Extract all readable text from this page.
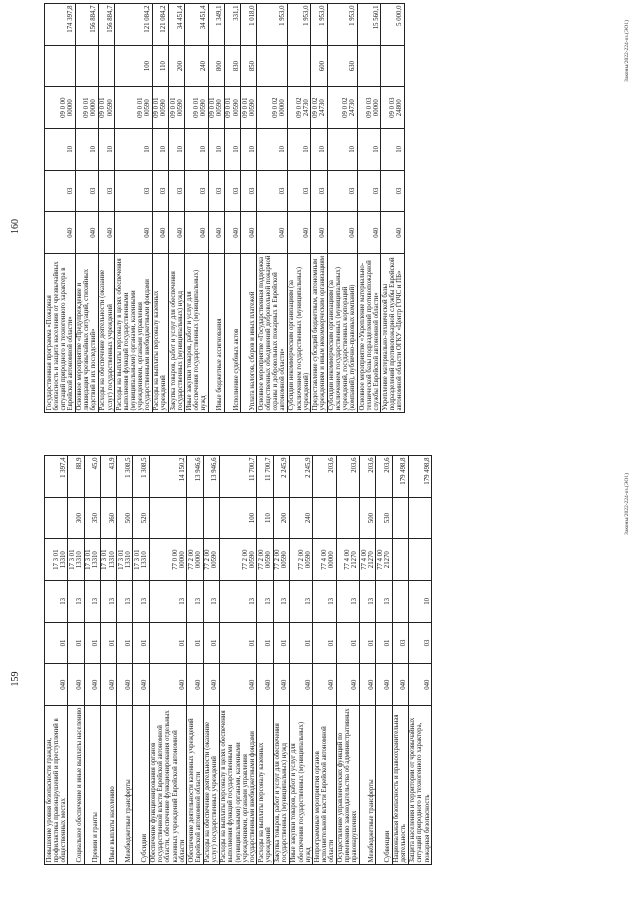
159
Повышение уровня безопасности граждан, профилактика правонарушений и преступлений в общественных местах	040	01	13	17 3 01 13310		1 397,4
Социальное обеспечение и иные выплаты населению	040	01	13	17 3 01 13310	300	88,9
Премии и гранты	040	01	13	17 3 01 13310	350	45,0
Иные выплаты населению	040	01	13	17 3 01 13310	360	43,9
Межбюджетные трансферты	040	01	13	17 3 01 13310	500	1 308,5
Субсидии	040	01	13	17 3 01 13310	520	1 308,5
Обеспечение функционирования органов государственной власти Еврейской автономной области, обеспечение функционирования отдельных казенных учреждений Еврейской автономной области	040	01	13	77 0 00 00000		14 150,2
Обеспечение деятельности казенных учреждений Еврейской автономной области	040	01	13	77 2 00 00000		13 946,6
Расходы на обеспечение деятельности (оказание услуг) государственных учреждений	040	01	13	77 2 00 00590		13 946,6
Расходы на выплаты персоналу в целях обеспечения выполнения функций государственными (муниципальными) органами, казенными учреждениями, органами управления государственными внебюджетными фондами	040	01	13	77 2 00 00590	100	11 700,7
Расходы на выплаты персоналу казенных учреждений	040	01	13	77 2 00 00590	110	11 700,7
Закупка товаров, работ и услуг для обеспечения государственных (муниципальных) нужд	040	01	13	77 2 00 00590	200	2 245,9
Иные закупки товаров, работ и услуг для обеспечения государственных (муниципальных) нужд	040	01	13	77 2 00 00590	240	2 245,9
Непрограммные мероприятия органов исполнительной власти Еврейской автономной области	040	01	13	77 4 00 00000		203,6
Осуществление управленческих функций по применению законодательства об административных правонарушениях	040	01	13	77 4 00 21270		203,6
Межбюджетные трансферты	040	01	13	77 4 00 21270	500	203,6
Субвенции	040	01	13	77 4 00 21270	530	203,6
Национальная безопасность и правоохранительная деятельность	040	03				179 498,8
Защита населения и территории от чрезвычайных ситуаций природного и техногенного характера, пожарная безопасность	040	03	10			179 498,8
Законы/2022-224-оз.(ЭО1)
160
Государственная программа «Пожарная безопасность и защита населения от чрезвычайных ситуаций природного и техногенного характера в Еврейской автономной области»	040	03	10	09 0 00 00000		174 397,8
Основное мероприятие «Предупреждение и ликвидация чрезвычайных ситуаций, стихийных бедствий и их последствий»	040	03	10	09 0 01 00000		156 884,7
Расходы на обеспечение деятельности (оказание услуг) государственных учреждений	040	03	10	09 0 01 00590		156 884,7
Расходы на выплаты персоналу в целях обеспечения выполнения функций государственными (муниципальными) органами, казенными учреждениями, органами управления государственными внебюджетными фондами	040	03	10	09 0 01 00590	100	121 084,2
Расходы на выплаты персоналу казенных учреждений	040	03	10	09 0 01 00590	110	121 084,2
Закупка товаров, работ и услуг для обеспечения государственных (муниципальных) нужд	040	03	10	09 0 01 00590	200	34 451,4
Иные закупки товаров, работ и услуг для обеспечения государственных (муниципальных) нужд	040	03	10	09 0 01 00590	240	34 451,4
Иные бюджетные ассигнования	040	03	10	09 0 01 00590	800	1 349,1
Исполнение судебных актов	040	03	10	09 0 01 00590	830	331,1
Уплата налогов, сборов и иных платежей	040	03	10	09 0 01 00590	850	1 018,0
Основное мероприятие «Государственная поддержка общественных объединений добровольной пожарной охраны и добровольных пожарных в Еврейской автономной области»	040	03	10	09 0 02 00000		1 953,0
Субсидии некоммерческим организациям (за исключением государственных (муниципальных) учреждений)	040	03	10	09 0 02 24730		1 953,0
Предоставление субсидий бюджетным, автономным учреждениям и иным некоммерческим организациям	040	03	10	09 0 02 24730	600	1 953,0
Субсидии некоммерческим организациям (за исключением государственных (муниципальных) учреждений, государственных корпораций (компаний), публично-правовых компаний)	040	03	10	09 0 02 24730	630	1 953,0
Основное мероприятие «Укрепление материально-технической базы подразделений противопожарной службы Еврейской автономной области»	040	03	10	09 0 03 00000		15 560,1
Укрепление материально-технической базы подразделений противопожарной службы Еврейской автономной области ОГКУ «Центр ГОЧС и ПБ»	040	03	10	09 0 03 24800		5 000,0
Законы/2022-224-оз.(ЭО1)
